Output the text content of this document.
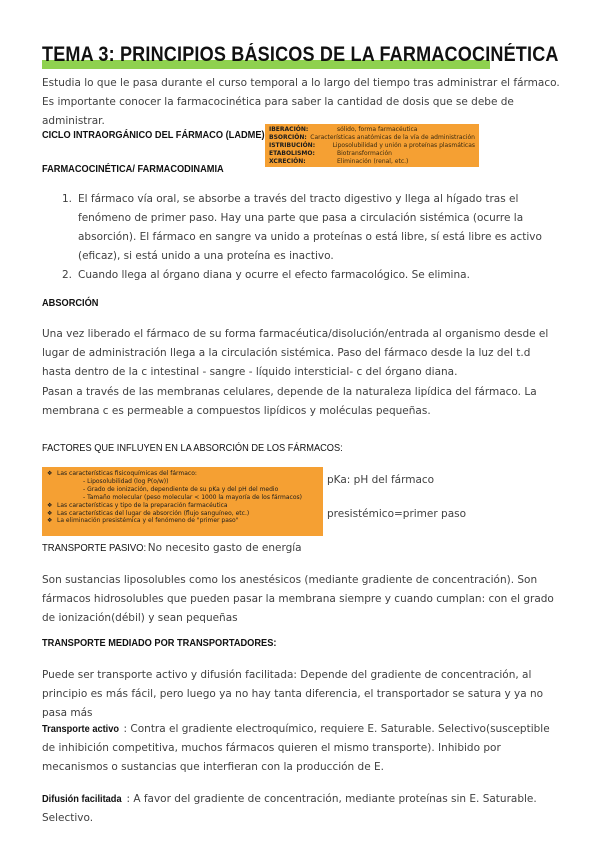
TEMA 3: PRINCIPIOS BÁSICOS DE LA FARMACOCINÉTICA
Estudia lo que le pasa durante el curso temporal a lo largo del tiempo tras administrar el fármaco. Es importante conocer la farmacocinética para saber la cantidad de dosis que se debe de administrar.
CICLO INTRAORGÁNICO DEL FÁRMACO (LADME) IBERACIÓN:	sólido, forma farmacéutica
BSORCIÓN: Características anatómicas de la vía de administración
ISTRIBUCIÓN:	Liposolubilidad y unión a proteínas plasmáticas
ETABOLISMO:	Biotransformación
XCRECIÓN:	Eliminación (renal, etc.)
FARMACOCINÉTICA/ FARMACODINAMIA
1. El fármaco vía oral, se absorbe a través del tracto digestivo y llega al hígado tras el fenómeno de primer paso. Hay una parte que pasa a circulación sistémica (ocurre la absorción). El fármaco en sangre va unido a proteínas o está libre, sí está libre es activo (eficaz), si está unido a una proteína es inactivo.
2. Cuando llega al órgano diana y ocurre el efecto farmacológico. Se elimina.
ABSORCIÓN
Una vez liberado el fármaco de su forma farmacéutica/disolución/entrada al organismo desde el lugar de administración llega a la circulación sistémica. Paso del fármaco desde la luz del t.d hasta dentro de la c intestinal - sangre - líquido intersticial- c del órgano diana.
Pasan a través de las membranas celulares, depende de la naturaleza lipídica del fármaco. La membrana c es permeable a compuestos lipídicos y moléculas pequeñas.
FACTORES QUE INFLUYEN EN LA ABSORCIÓN DE LOS FÁRMACOS:
❖ Las características fisicoquímicas del fármaco:
- Liposolubilidad (log P(o/w))
- Grado de ionización, dependiente de su pKa y del pH del medio
- Tamaño molecular (peso molecular < 1000 la mayoría de los fármacos)
❖ Las características y tipo de la preparación farmacéutica
❖ Las características del lugar de absorción (flujo sanguíneo, etc.)
❖ La eliminación presistémica y el fenómeno de "primer paso"
pKa: pH del fármaco
presistémico=primer paso
TRANSPORTE PASIVO: No necesito gasto de energía
Son sustancias liposolubles como los anestésicos (mediante gradiente de concentración). Son fármacos hidrosolubles que pueden pasar la membrana siempre y cuando cumplan: con el grado de ionización(débil) y sean pequeñas
TRANSPORTE MEDIADO POR TRANSPORTADORES:
Puede ser transporte activo y difusión facilitada: Depende del gradiente de concentración, al principio es más fácil, pero luego ya no hay tanta diferencia, el transportador se satura y ya no pasa más
Transporte activo : Contra el gradiente electroquímico, requiere E. Saturable. Selectivo(susceptible de inhibición competitiva, muchos fármacos quieren el mismo transporte). Inhibido por mecanismos o sustancias que interfieran con la producción de E.
Difusión facilitada : A favor del gradiente de concentración, mediante proteínas sin E. Saturable. Selectivo.
